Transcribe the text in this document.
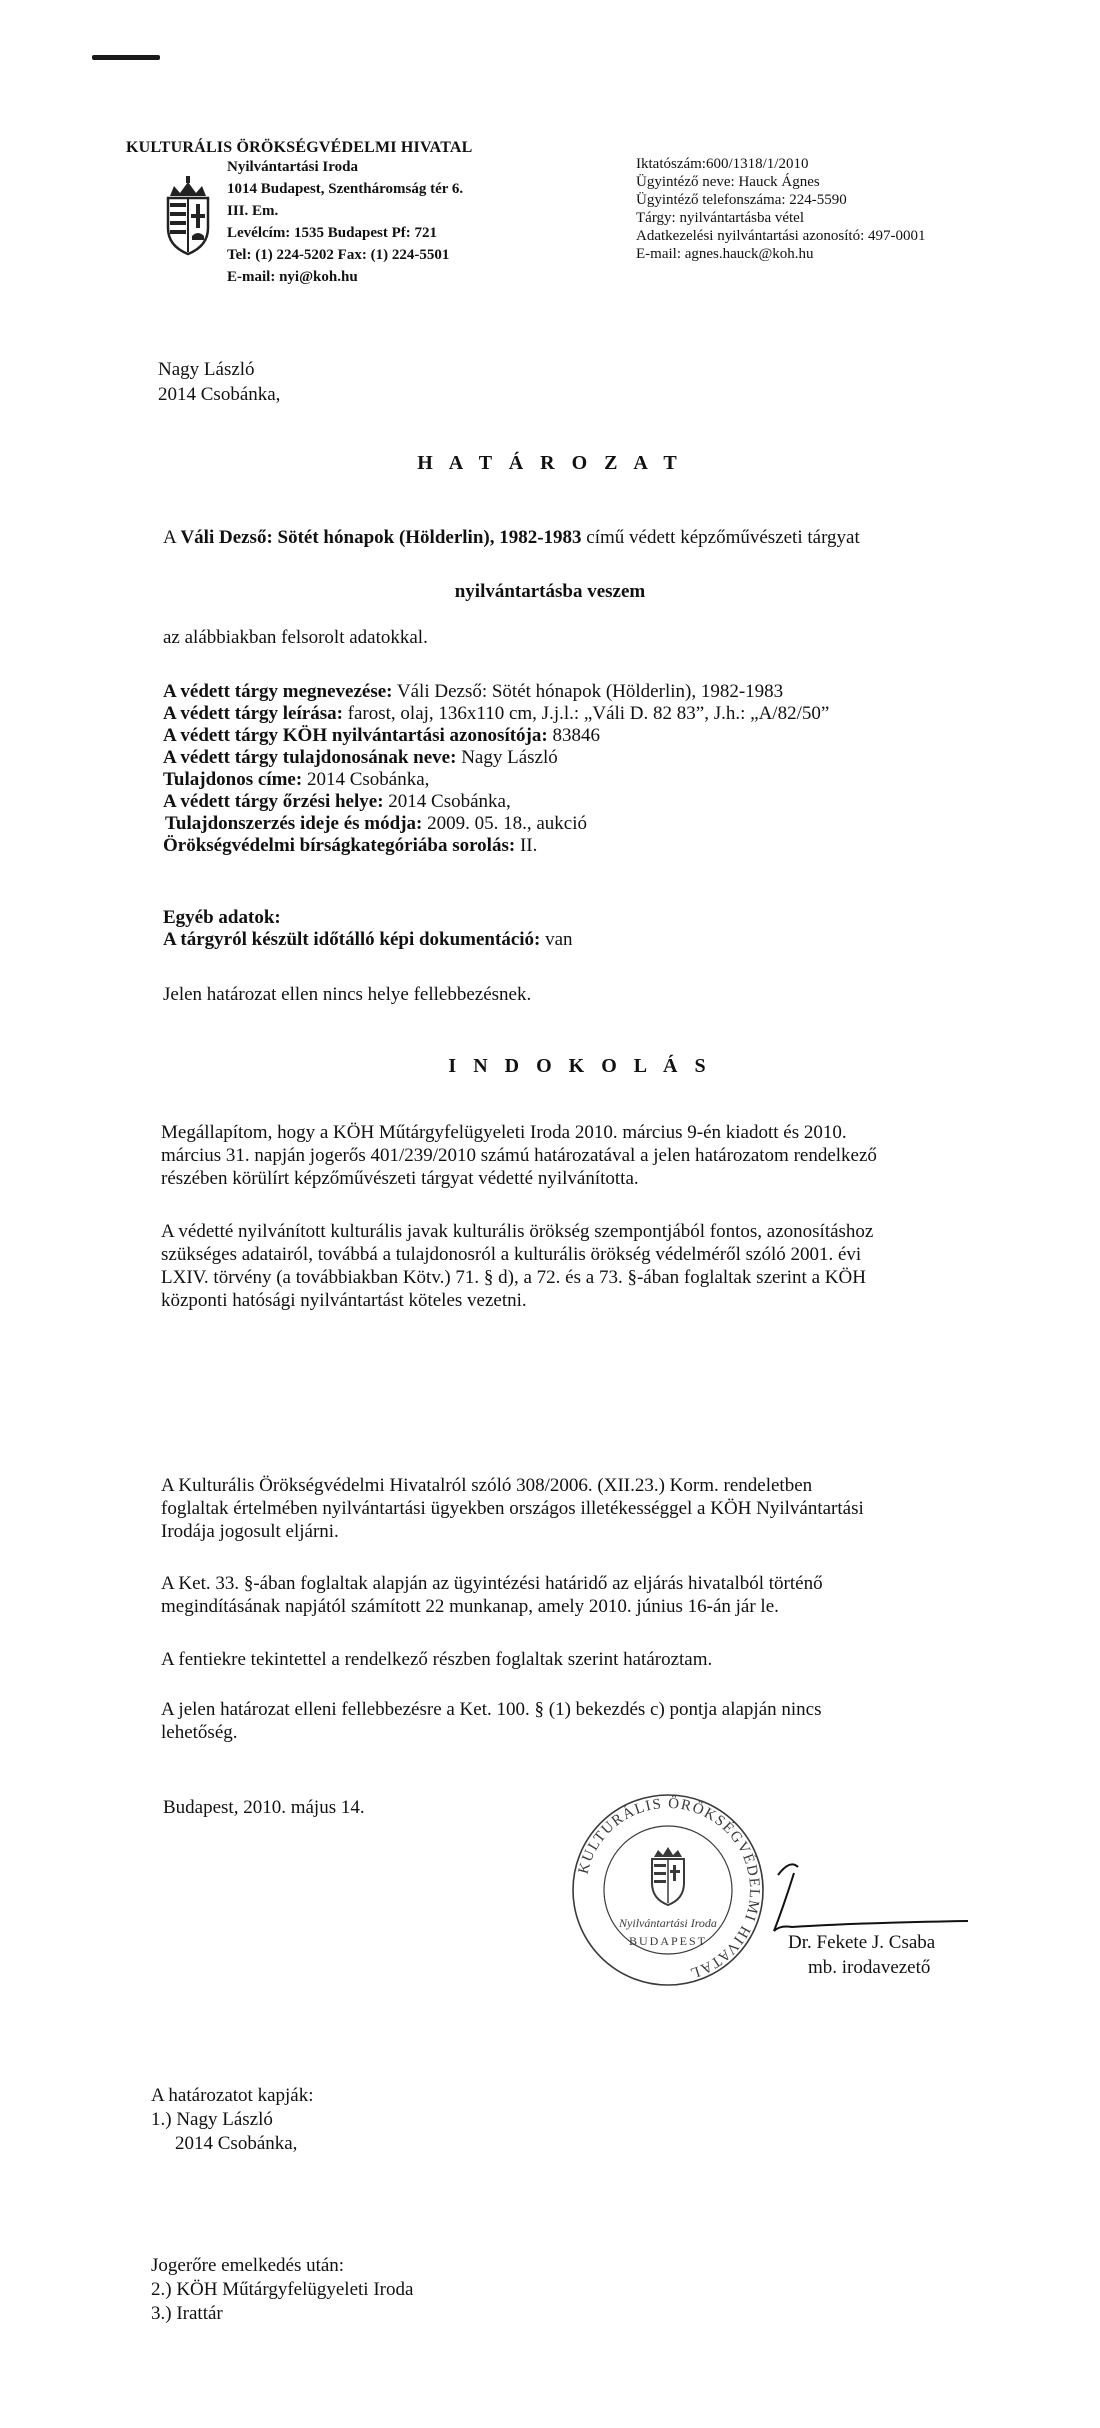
KULTURÁLIS ÖRÖKSÉGVÉDELMI HIVATAL
Nyilvántartási Iroda
1014 Budapest, Szentháromság tér 6.
III. Em.
Levélcím: 1535 Budapest Pf: 721
Tel: (1) 224-5202 Fax: (1) 224-5501
E-mail: nyi@koh.hu
Iktatószám:600/1318/1/2010
Ügyintéző neve: Hauck Ágnes
Ügyintéző telefonszáma: 224-5590
Tárgy: nyilvántartásba vétel
Adatkezelési nyilvántartási azonosító: 497-0001
E-mail: agnes.hauck@koh.hu
Nagy László
2014 Csobánka,
H A T Á R O Z A T
A Váli Dezső: Sötét hónapok (Hölderlin), 1982-1983 című védett képzőművészeti tárgyat
nyilvántartásba veszem
az alábbiakban felsorolt adatokkal.
A védett tárgy megnevezése: Váli Dezső: Sötét hónapok (Hölderlin), 1982-1983
A védett tárgy leírása: farost, olaj, 136x110 cm, J.j.l.: „Váli D. 82 83”, J.h.: „A/82/50”
A védett tárgy KÖH nyilvántartási azonosítója: 83846
A védett tárgy tulajdonosának neve: Nagy László
Tulajdonos címe: 2014 Csobánka,
A védett tárgy őrzési helye: 2014 Csobánka,
Tulajdonszerzés ideje és módja: 2009. 05. 18., aukció
Örökségvédelmi bírságkategóriába sorolás: II.
Egyéb adatok:
A tárgyról készült időtálló képi dokumentáció: van
Jelen határozat ellen nincs helye fellebbezésnek.
I N D O K O L Á S
Megállapítom, hogy a KÖH Műtárgyfelügyeleti Iroda 2010. március 9-én kiadott és 2010.
március 31. napján jogerős 401/239/2010 számú határozatával a jelen határozatom rendelkező
részében körülírt képzőművészeti tárgyat védetté nyilvánította.
A védetté nyilvánított kulturális javak kulturális örökség szempontjából fontos, azonosításhoz
szükséges adatairól, továbbá a tulajdonosról a kulturális örökség védelméről szóló 2001. évi
LXIV. törvény (a továbbiakban Kötv.) 71. § d), a 72. és a 73. §-ában foglaltak szerint a KÖH
központi hatósági nyilvántartást köteles vezetni.
A Kulturális Örökségvédelmi Hivatalról szóló 308/2006. (XII.23.) Korm. rendeletben
foglaltak értelmében nyilvántartási ügyekben országos illetékességgel a KÖH Nyilvántartási
Irodája jogosult eljárni.
A Ket. 33. §-ában foglaltak alapján az ügyintézési határidő az eljárás hivatalból történő
megindításának napjától számított 22 munkanap, amely 2010. június 16-án jár le.
A fentiekre tekintettel a rendelkező részben foglaltak szerint határoztam.
A jelen határozat elleni fellebbezésre a Ket. 100. § (1) bekezdés c) pontja alapján nincs
lehetőség.
Budapest, 2010. május 14.
KULTURÁLIS ÖRÖKSÉGVÉDELMI HIVATAL
Nyilvántartási Iroda
BUDAPEST	Dr. Fekete J. Csaba
mb. irodavezető
A határozatot kapják:
1.) Nagy László
2014 Csobánka,
Jogerőre emelkedés után:
2.) KÖH Műtárgyfelügyeleti Iroda
3.) Irattár
